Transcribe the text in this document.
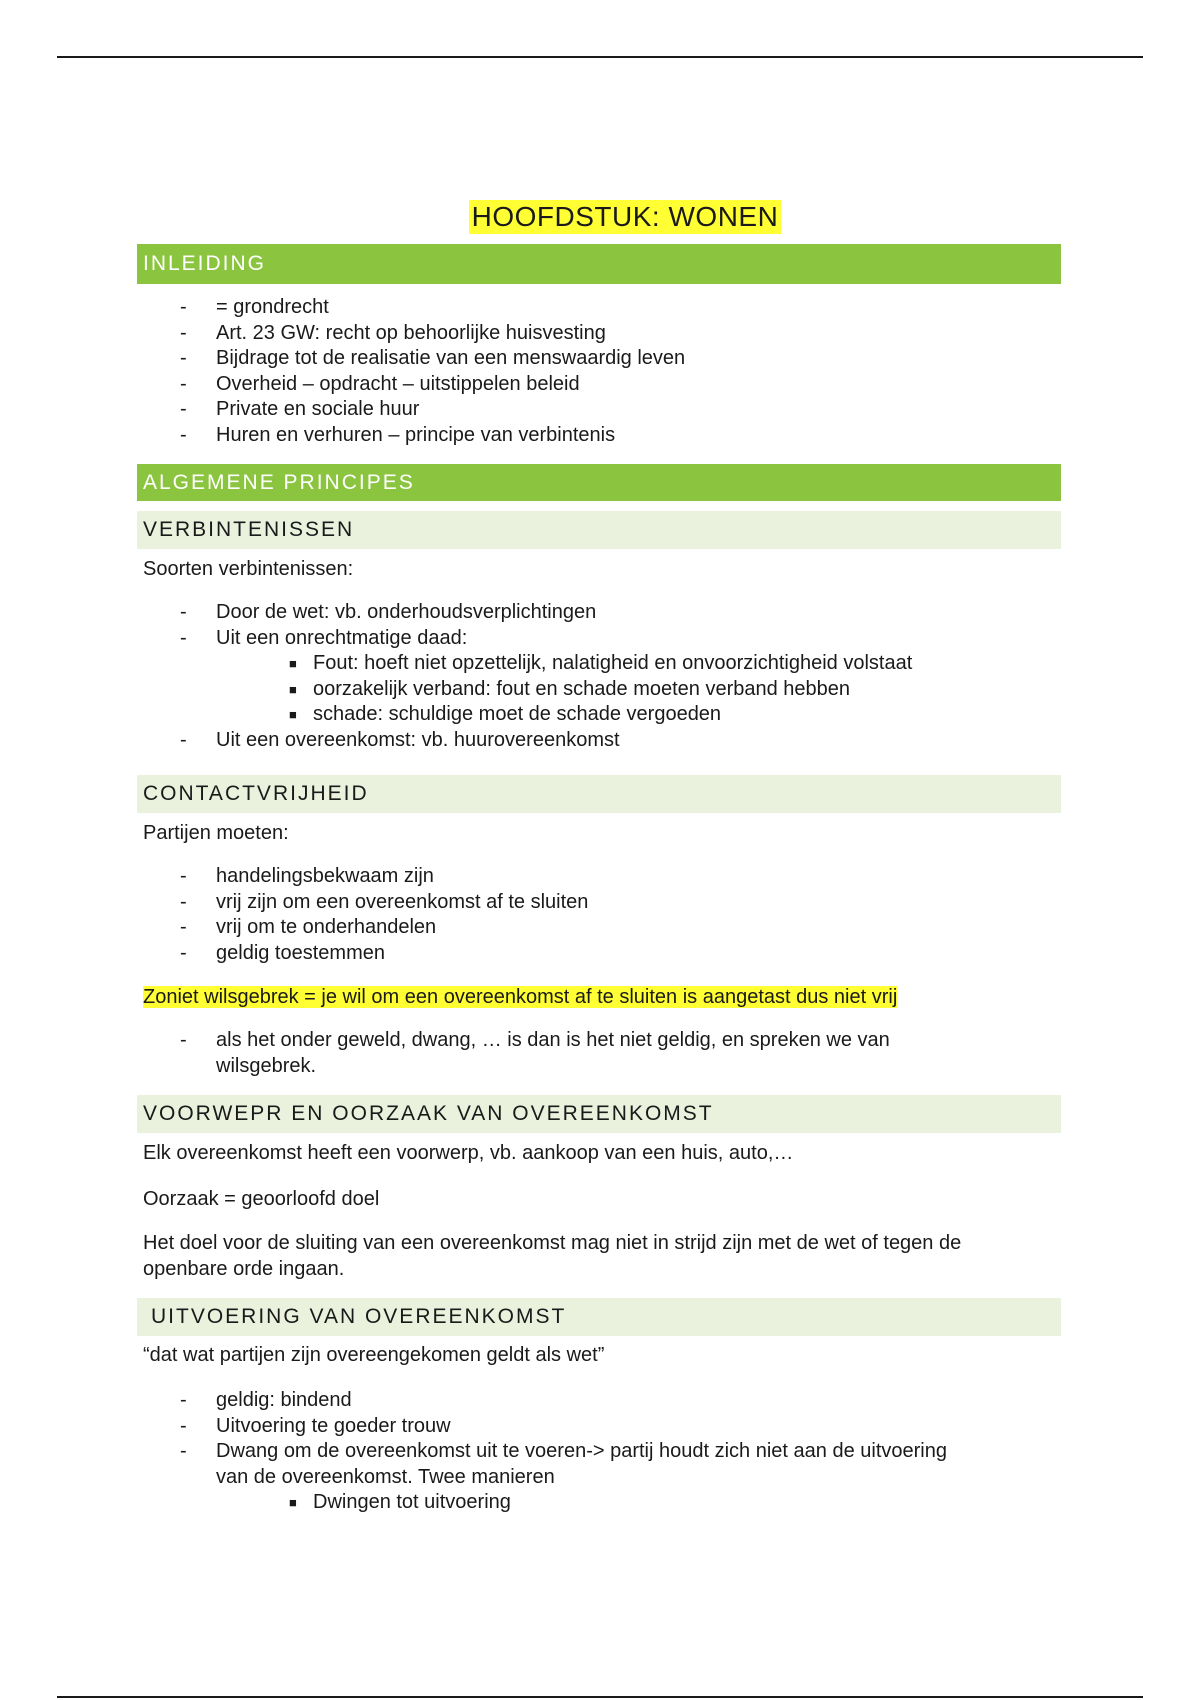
HOOFDSTUK: WONEN
INLEIDING
- = grondrecht
- Art. 23 GW: recht op behoorlijke huisvesting
- Bijdrage tot de realisatie van een menswaardig leven
- Overheid – opdracht – uitstippelen beleid
- Private en sociale huur
- Huren en verhuren – principe van verbintenis
ALGEMENE PRINCIPES
VERBINTENISSEN

Soorten verbintenissen:

- Door de wet: vb. onderhoudsverplichtingen
- Uit een onrechtmatige daad:
■ Fout: hoeft niet opzettelijk, nalatigheid en onvoorzichtigheid volstaat
■ oorzakelijk verband: fout en schade moeten verband hebben
■ schade: schuldige moet de schade vergoeden
- Uit een overeenkomst: vb. huurovereenkomst
CONTACTVRIJHEID

Partijen moeten:

- handelingsbekwaam zijn
- vrij zijn om een overeenkomst af te sluiten
- vrij om te onderhandelen
- geldig toestemmen

Zoniet wilsgebrek = je wil om een overeenkomst af te sluiten is aangetast dus niet vrij

- als het onder geweld, dwang, … is dan is het niet geldig, en spreken we van
wilsgebrek.
VOORWEPR EN OORZAAK VAN OVEREENKOMST

Elk overeenkomst heeft een voorwerp, vb. aankoop van een huis, auto,…

Oorzaak = geoorloofd doel

Het doel voor de sluiting van een overeenkomst mag niet in strijd zijn met de wet of tegen de
openbare orde ingaan.

UITVOERING VAN OVEREENKOMST

“dat wat partijen zijn overeengekomen geldt als wet”

- geldig: bindend
- Uitvoering te goeder trouw
- Dwang om de overeenkomst uit te voeren-> partij houdt zich niet aan de uitvoering
van de overeenkomst. Twee manieren
■ Dwingen tot uitvoering
